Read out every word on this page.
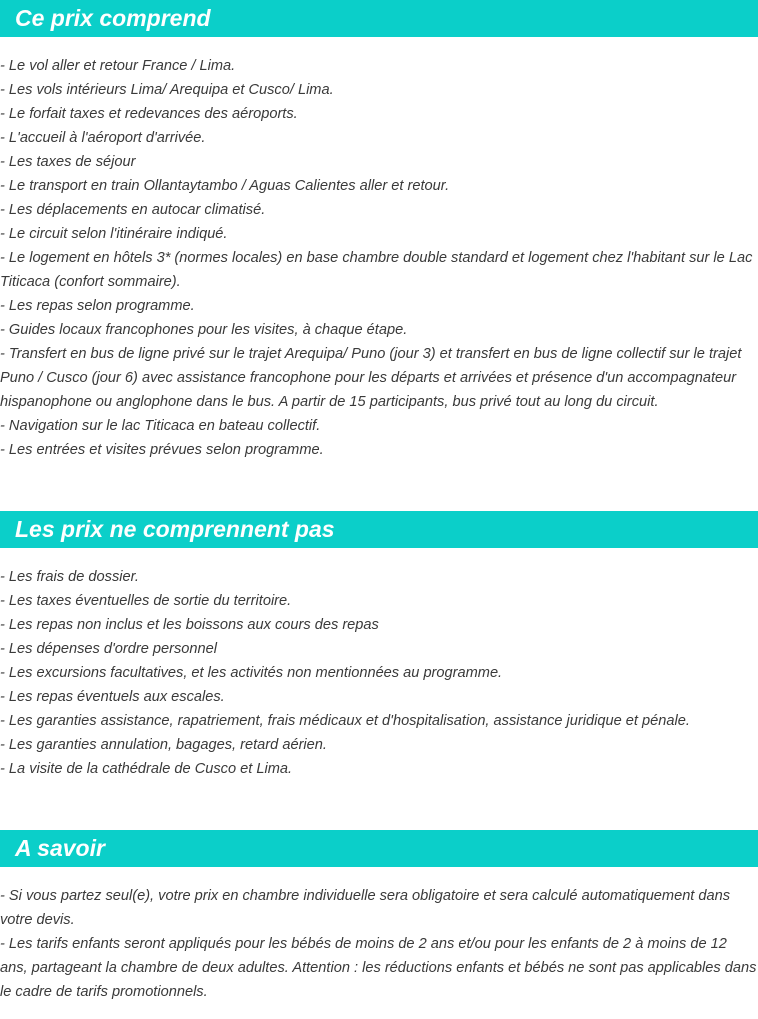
Ce prix comprend

- Le vol aller et retour France / Lima.

- Les vols intérieurs Lima/ Arequipa et Cusco/ Lima.

- Le forfait taxes et redevances des aéroports.

- L'accueil à l'aéroport d'arrivée.

- Les taxes de séjour

- Le transport en train Ollantaytambo / Aguas Calientes aller et retour.

- Les déplacements en autocar climatisé.

- Le circuit selon l'itinéraire indiqué.

- Le logement en hôtels 3* (normes locales) en base chambre double standard et logement chez l'habitant sur le Lac Titicaca (confort sommaire).

- Les repas selon programme.

- Guides locaux francophones pour les visites, à chaque étape.

- Transfert en bus de ligne privé sur le trajet Arequipa/ Puno (jour 3) et transfert en bus de ligne collectif sur le trajet Puno / Cusco (jour 6) avec assistance francophone pour les départs et arrivées et présence d'un accompagnateur hispanophone ou anglophone dans le bus. A partir de 15 participants, bus privé tout au long du circuit.

- Navigation sur le lac Titicaca en bateau collectif.

- Les entrées et visites prévues selon programme.

Les prix ne comprennent pas

- Les frais de dossier.

- Les taxes éventuelles de sortie du territoire.

- Les repas non inclus et les boissons aux cours des repas

- Les dépenses d'ordre personnel

- Les excursions facultatives, et les activités non mentionnées au programme.

- Les repas éventuels aux escales.

- Les garanties assistance, rapatriement, frais médicaux et d'hospitalisation, assistance juridique et pénale.

- Les garanties annulation, bagages, retard aérien.

- La visite de la cathédrale de Cusco et Lima.

A savoir

- Si vous partez seul(e), votre prix en chambre individuelle sera obligatoire et sera calculé automatiquement dans votre devis.

- Les tarifs enfants seront appliqués pour les bébés de moins de 2 ans et/ou pour les enfants de 2 à moins de 12 ans, partageant la chambre de deux adultes. Attention : les réductions enfants et bébés ne sont pas applicables dans le cadre de tarifs promotionnels.
